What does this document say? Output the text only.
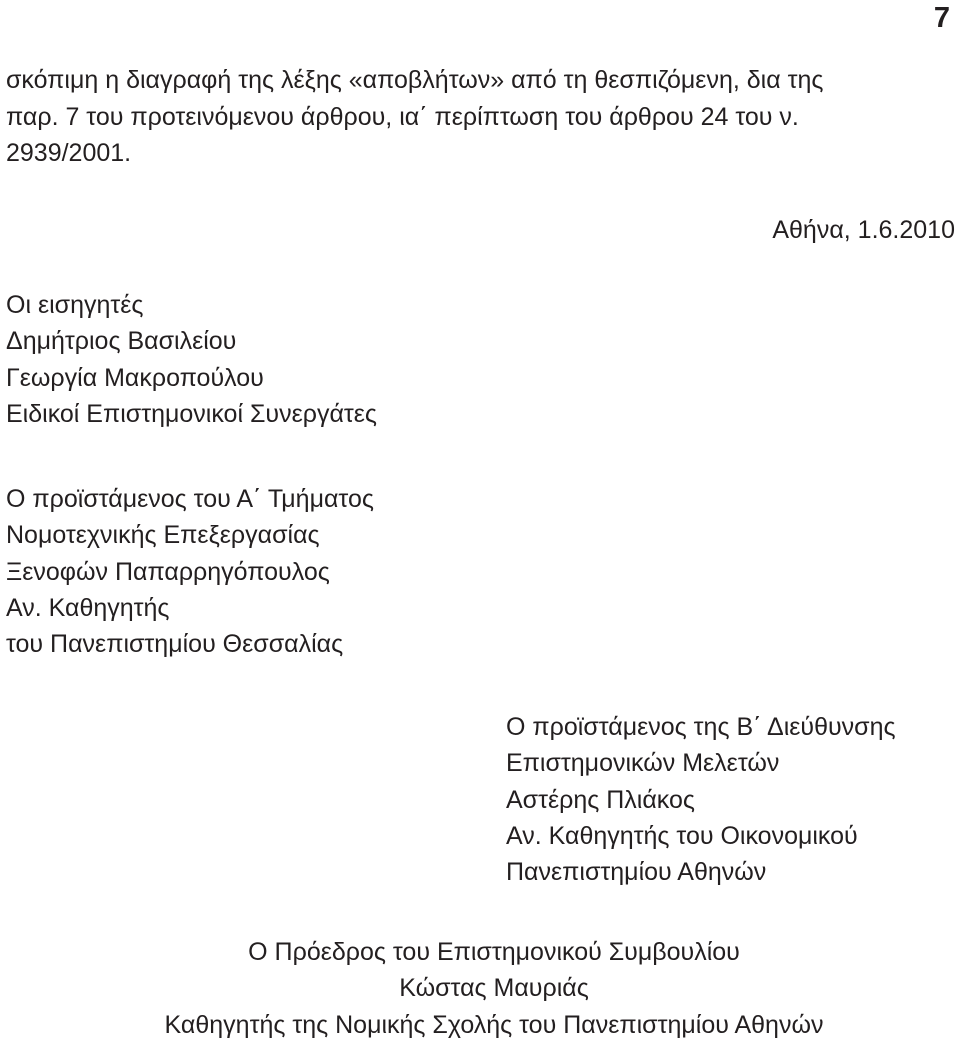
7

σκόπιμη η διαγραφή της λέξης «αποβλήτων» από τη θεσπιζόμενη, δια της
παρ. 7 του προτεινόμενου άρθρου, ια΄ περίπτωση του άρθρου 24 του ν.
2939/2001.

Αθήνα, 1.6.2010
Οι εισηγητές
Δημήτριος Βασιλείου
Γεωργία Μακροπούλου
Ειδικοί Επιστημονικοί Συνεργάτες
Ο προϊστάμενος του Α΄ Τμήματος
Νομοτεχνικής Επεξεργασίας
Ξενοφών Παπαρρηγόπουλος
Αν. Καθηγητής
του Πανεπιστημίου Θεσσαλίας
Ο προϊστάμενος της Β΄ Διεύθυνσης
Επιστημονικών Μελετών
Αστέρης Πλιάκος
Αν. Καθηγητής του Οικονομικού
Πανεπιστημίου Αθηνών
Ο Πρόεδρος του Επιστημονικού Συμβουλίου
Κώστας Μαυριάς
Καθηγητής της Νομικής Σχολής του Πανεπιστημίου Αθηνών
